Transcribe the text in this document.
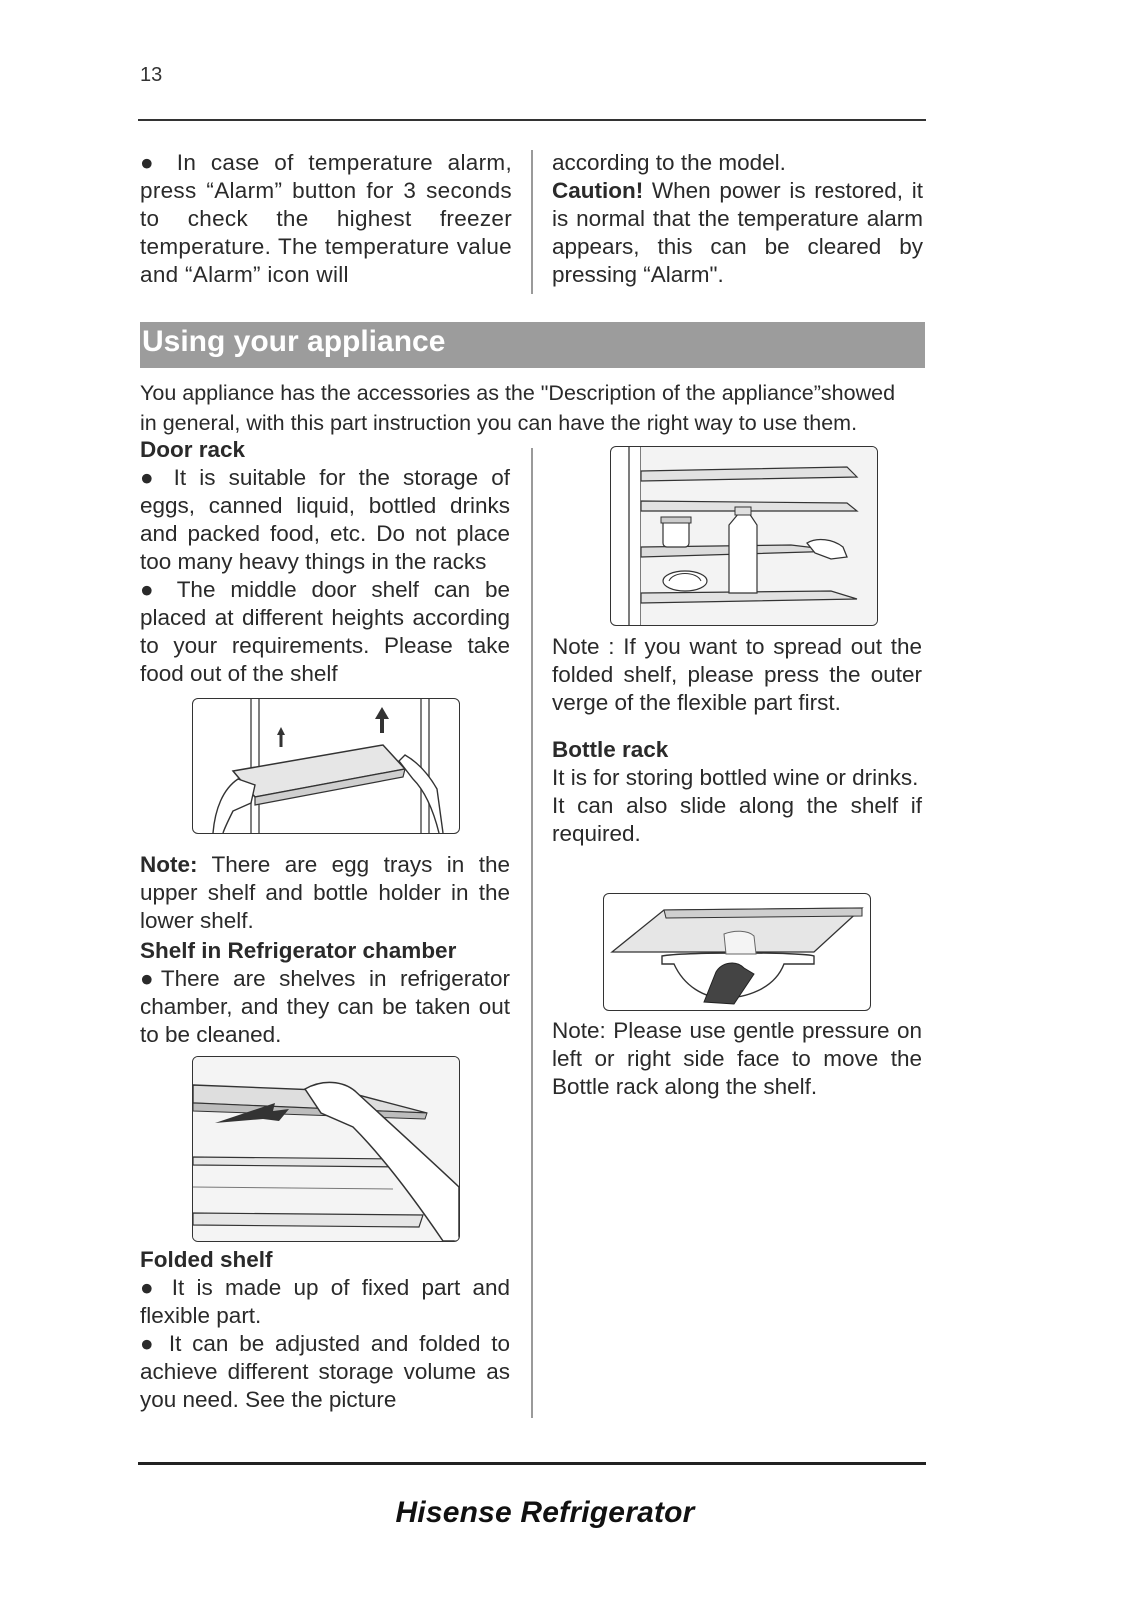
13

● In case of temperature alarm, press “Alarm” button for 3 seconds to check the highest freezer temperature. The temperature value and “Alarm” icon will

according to the model.

Caution! When power is restored, it is normal that the temperature alarm appears, this can be cleared by pressing “Alarm".

Using your appliance

You appliance has the accessories as the "Description of the appliance”showed

in general, with this part instruction you can have the right way to use them.

Door rack

● It is suitable for the storage of eggs, canned liquid, bottled drinks and packed food, etc. Do not place too many heavy things in the racks

● The middle door shelf can be placed at different heights according to your requirements. Please take food out of the shelf

Note: There are egg trays in the upper shelf and bottle holder in the lower shelf.

Shelf in Refrigerator chamber

●There are shelves in refrigerator chamber, and they can be taken out to be cleaned.

Folded shelf

● It is made up of fixed part and flexible part.

● It can be adjusted and folded to achieve different storage volume as you need. See the picture

Note : If you want to spread out the folded shelf, please press the outer verge of the flexible part first.

Bottle rack

It is for storing bottled wine or drinks.

It can also slide along the shelf if required.

Note: Please use gentle pressure on left or right side face to move the Bottle rack along the shelf.

Hisense Refrigerator
